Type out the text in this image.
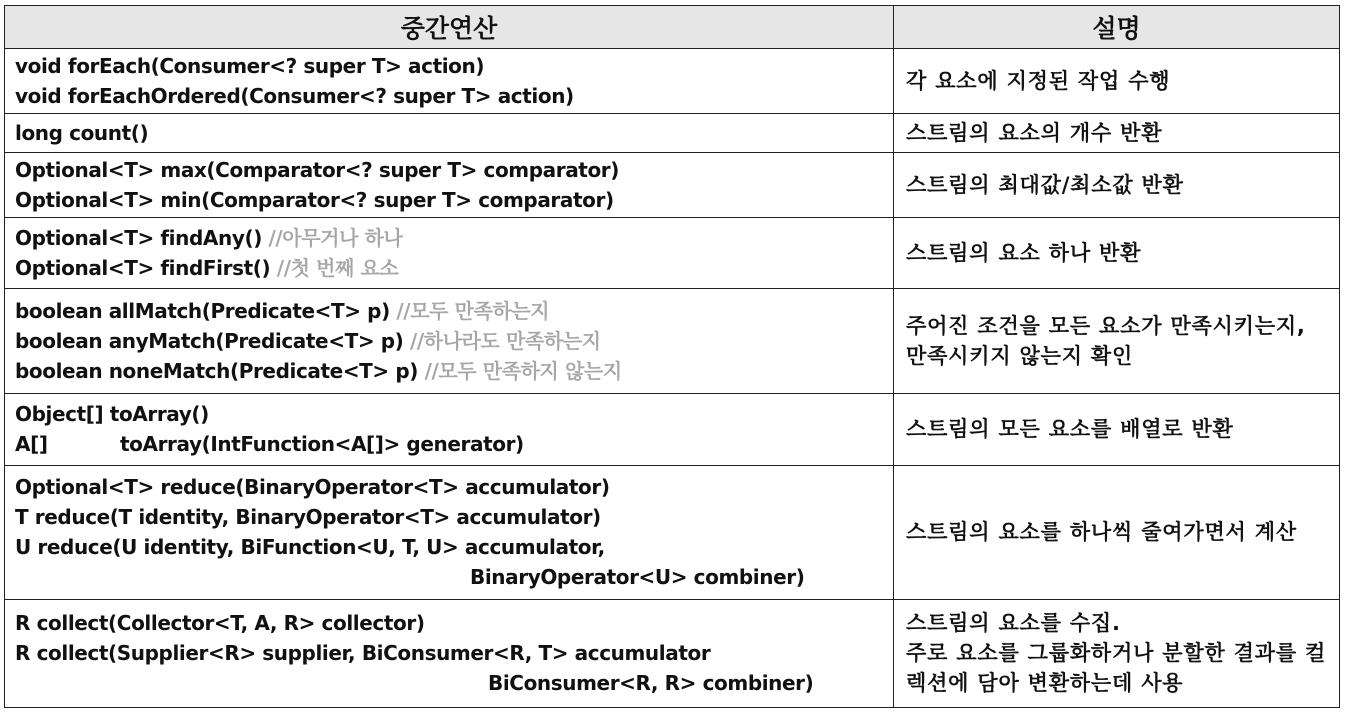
중간연산	설명

void forEach(Consumer<? super T> action)
void forEachOrdered(Consumer<? super T> action)	각 요소에 지정된 작업 수행

long count()	스트림의 요소의 개수 반환

Optional<T> max(Comparator<? super T> comparator)
Optional<T> min(Comparator<? super T> comparator)	스트림의 최대값/최소값 반환

Optional<T> findAny() //아무거나 하나
Optional<T> findFirst() //첫 번째 요소	스트림의 요소 하나 반환

boolean allMatch(Predicate<T> p) //모두 만족하는지
boolean anyMatch(Predicate<T> p) //하나라도 만족하는지
boolean noneMatch(Predicate<T> p) //모두 만족하지 않는지	주어진 조건을 모든 요소가 만족시키는지, 만족시키지 않는지 확인

Object[] toArray()
A[] toArray(IntFunction<A[]> generator)	스트림의 모든 요소를 배열로 반환

Optional<T> reduce(BinaryOperator<T> accumulator)
T reduce(T identity, BinaryOperator<T> accumulator)
U reduce(U identity, BiFunction<U, T, U> accumulator,
BinaryOperator<U> combiner)	스트림의 요소를 하나씩 줄여가면서 계산

R collect(Collector<T, A, R> collector)
R collect(Supplier<R> supplier, BiConsumer<R, T> accumulator
BiConsumer<R, R> combiner)	스트림의 요소를 수집.
주로 요소를 그룹화하거나 분할한 결과를 컬렉션에 담아 변환하는데 사용
